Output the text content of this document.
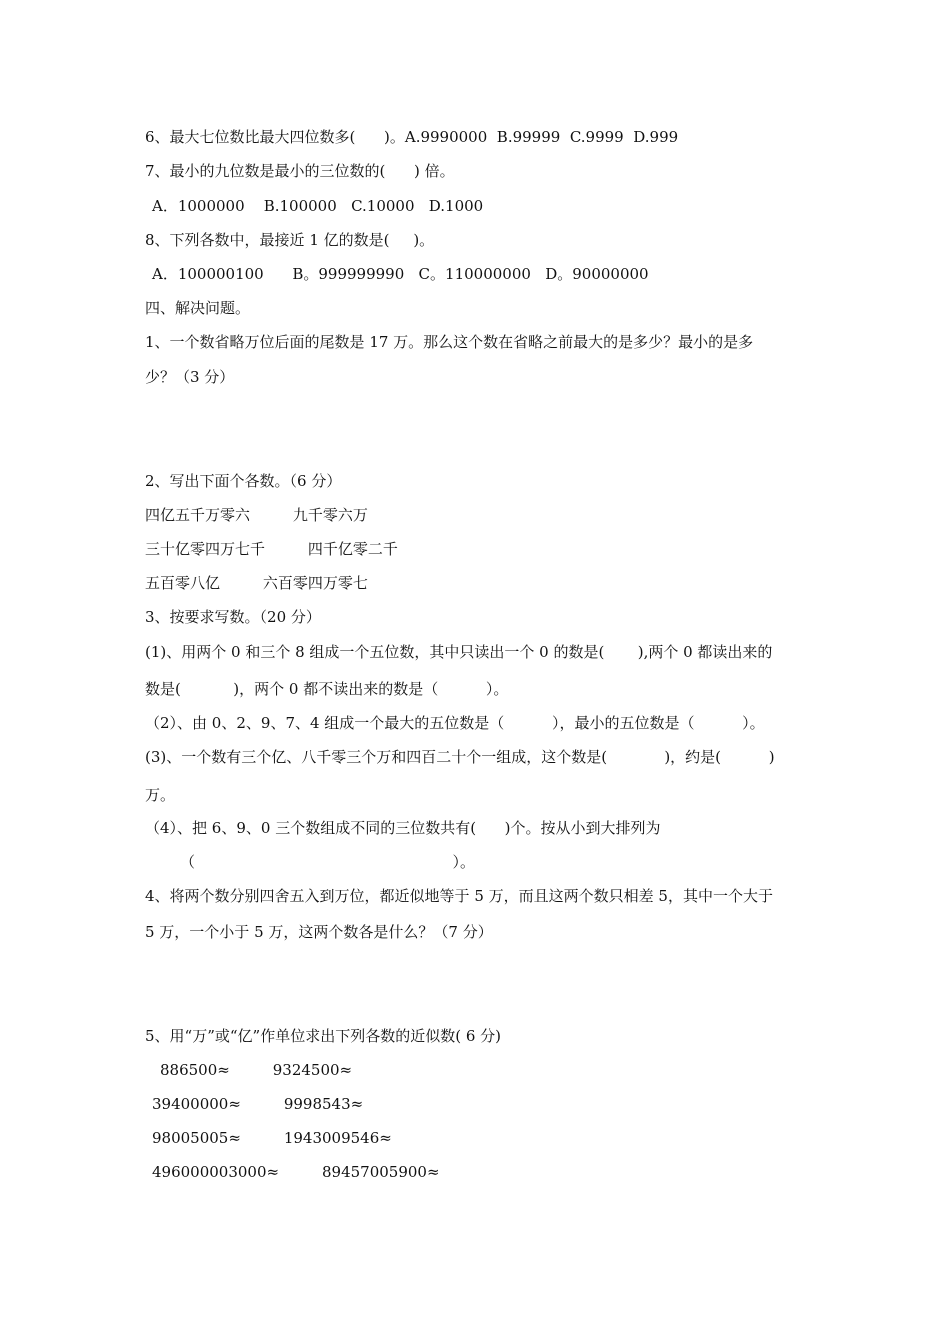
6、最大七位数比最大四位数多(      )。A.9990000  B.99999  C.9999  D.999
7、最小的九位数是最小的三位数的(      ) 倍。
A．1000000    B.100000   C.10000   D.1000
8、下列各数中，最接近 1 亿的数是(     )。
A．100000100      B。999999990   C。110000000   D。90000000
四、解决问题。
1、一个数省略万位后面的尾数是 17 万。那么这个数在省略之前最大的是多少？最小的是多
少？（3 分）
2、写出下面个各数。（6 分）
四亿五千万零六         九千零六万
三十亿零四万七千         四千亿零二千
五百零八亿         六百零四万零七
3、按要求写数。（20 分）
(1)、用两个 0 和三个 8 组成一个五位数，其中只读出一个 0 的数是(       ),两个 0 都读出来的
数是(           )，两个 0 都不读出来的数是（          ）。
（2）、由 0、2、9、7、4 组成一个最大的五位数是（          ），最小的五位数是（          ）。
(3)、一个数有三个亿、八千零三个万和四百二十个一组成，这个数是(            )，约是(          )
万。
（4）、把 6、9、0 三个数组成不同的三位数共有(      )个。按从小到大排列为
（                                                      ）。
4、将两个数分别四舍五入到万位，都近似地等于 5 万，而且这两个数只相差 5，其中一个大于
5 万，一个小于 5 万，这两个数各是什么？（7 分）
5、用“万”或“亿”作单位求出下列各数的近似数( 6 分)
886500≈         9324500≈
39400000≈         9998543≈
98005005≈         1943009546≈
496000003000≈         89457005900≈
